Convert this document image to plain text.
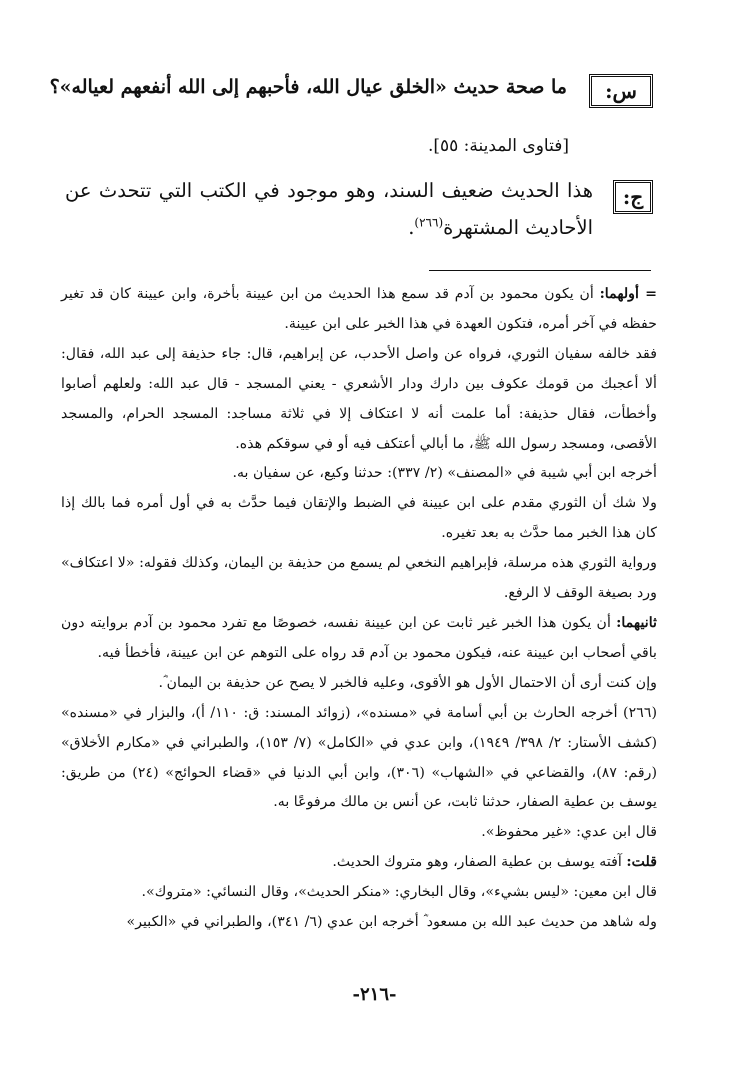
س:
ما صحة حديث «الخلق عيال الله، فأحبهم إلى الله أنفعهم لعياله»؟
[فتاوى المدينة: ٥٥].
ج:
هذا الحديث ضعيف السند، وهو موجود في الكتب التي تتحدث عن الأحاديث المشتهرة$^{(٢٦٦)}$.

= أولهما: أن يكون محمود بن آدم قد سمع هذا الحديث من ابن عيينة بأخرة، وابن عيينة كان قد تغير حفظه في آخر أمره، فتكون العهدة في هذا الخبر على ابن عيينة.

فقد خالفه سفيان الثوري، فرواه عن واصل الأحدب، عن إبراهيم، قال: جاء حذيفة إلى عبد الله، فقال: ألا أعجبك من قومك عكوف بين دارك ودار الأشعري - يعني المسجد - قال عبد الله: ولعلهم أصابوا وأخطأت، فقال حذيفة: أما علمت أنه لا اعتكاف إلا في ثلاثة مساجد: المسجد الحرام، والمسجد الأقصى، ومسجد رسول الله ﷺ، ما أبالي أعتكف فيه أو في سوقكم هذه.

أخرجه ابن أبي شيبة في «المصنف» (٢/ ٣٣٧): حدثنا وكيع، عن سفيان به.

ولا شك أن الثوري مقدم على ابن عيينة في الضبط والإتقان فيما حدَّث به في أول أمره فما بالك إذا كان هذا الخبر مما حدَّث به بعد تغيره.

ورواية الثوري هذه مرسلة، فإبراهيم النخعي لم يسمع من حذيفة بن اليمان، وكذلك فقوله: «لا اعتكاف» ورد بصيغة الوقف لا الرفع.

ثانيهما: أن يكون هذا الخبر غير ثابت عن ابن عيينة نفسه، خصوصًا مع تفرد محمود بن آدم بروايته دون باقي أصحاب ابن عيينة عنه، فيكون محمود بن آدم قد رواه على التوهم عن ابن عيينة، فأخطأ فيه.

وإن كنت أرى أن الاحتمال الأول هو الأقوى، وعليه فالخبر لا يصح عن حذيفة بن اليمان ؓ.

(٢٦٦) أخرجه الحارث بن أبي أسامة في «مسنده»، (زوائد المسند: ق: ١١٠/ أ)، والبزار في «مسنده» (كشف الأستار: ٢/ ٣٩٨/ ١٩٤٩)، وابن عدي في «الكامل» (٧/ ١٥٣)، والطبراني في «مكارم الأخلاق» (رقم: ٨٧)، والقضاعي في «الشهاب» (٣٠٦)، وابن أبي الدنيا في «قضاء الحوائج» (٢٤) من طريق: يوسف بن عطية الصفار، حدثنا ثابت، عن أنس بن مالك مرفوعًا به.

قال ابن عدي: «غير محفوظ».

قلت: آفته يوسف بن عطية الصفار، وهو متروك الحديث.

قال ابن معين: «ليس بشيء»، وقال البخاري: «منكر الحديث»، وقال النسائي: «متروك».

وله شاهد من حديث عبد الله بن مسعود ؓ أخرجه ابن عدي (٦/ ٣٤١)، والطبراني في «الكبير»

-٢١٦-
